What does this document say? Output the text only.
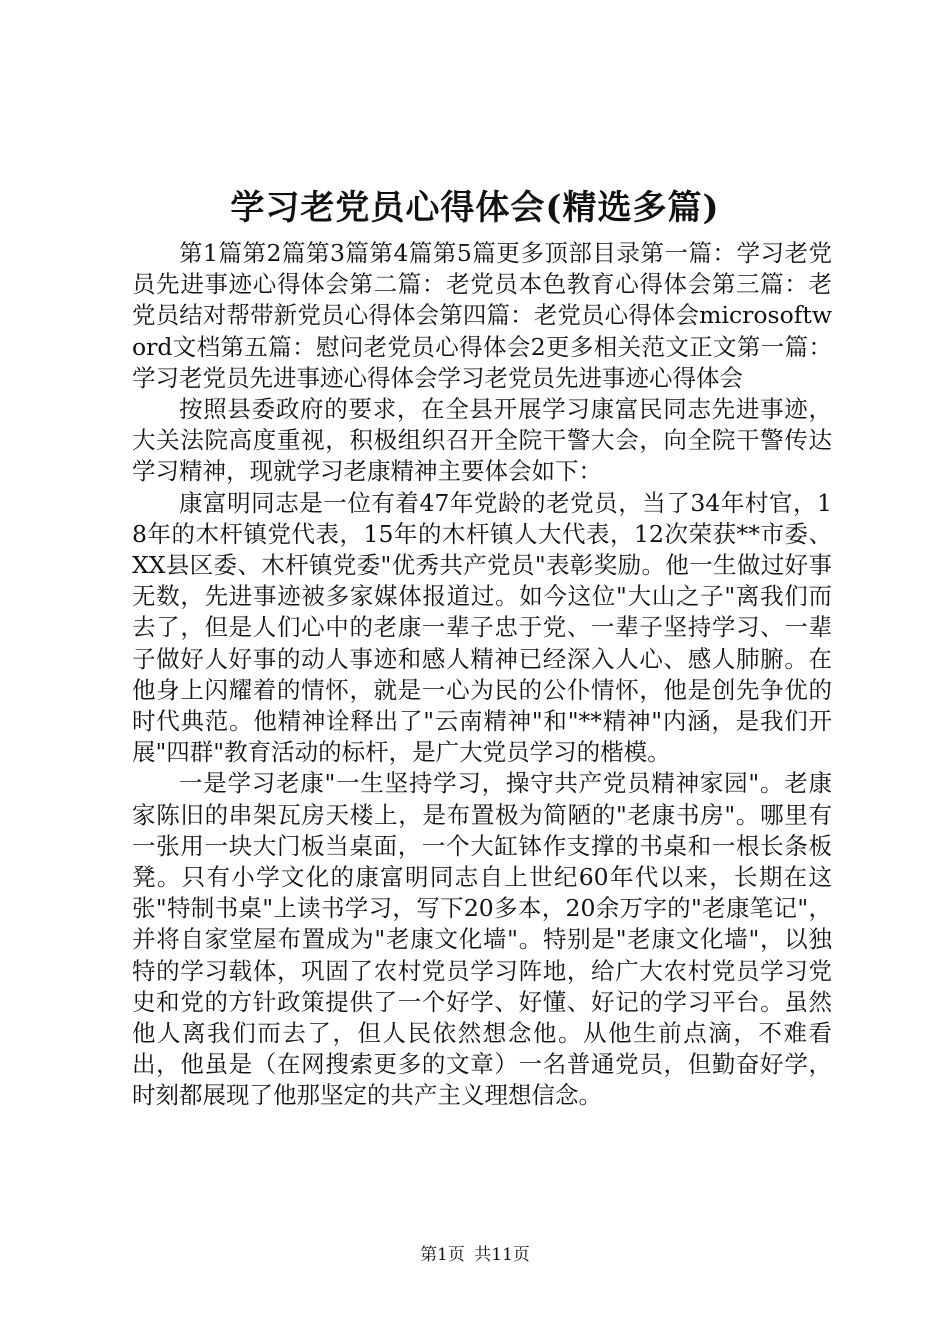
学习老党员心得体会(精选多篇)

第1篇第2篇第3篇第4篇第5篇更多顶部目录第一篇：学习老党员先进事迹心得体会第二篇：老党员本色教育心得体会第三篇：老党员结对帮带新党员心得体会第四篇：老党员心得体会microsoftword文档第五篇：慰问老党员心得体会2更多相关范文正文第一篇：学习老党员先进事迹心得体会学习老党员先进事迹心得体会

按照县委政府的要求，在全县开展学习康富民同志先进事迹，大关法院高度重视，积极组织召开全院干警大会，向全院干警传达学习精神，现就学习老康精神主要体会如下：

康富明同志是一位有着47年党龄的老党员，当了34年村官，18年的木杆镇党代表，15年的木杆镇人大代表，12次荣获**市委、XX县区委、木杆镇党委"优秀共产党员"表彰奖励。他一生做过好事无数，先进事迹被多家媒体报道过。如今这位"大山之子"离我们而去了，但是人们心中的老康一辈子忠于党、一辈子坚持学习、一辈子做好人好事的动人事迹和感人精神已经深入人心、感人肺腑。在他身上闪耀着的情怀，就是一心为民的公仆情怀，他是创先争优的时代典范。他精神诠释出了"云南精神"和"**精神"内涵，是我们开展"四群"教育活动的标杆，是广大党员学习的楷模。

一是学习老康"一生坚持学习，操守共产党员精神家园"。老康家陈旧的串架瓦房天楼上，是布置极为简陋的"老康书房"。哪里有一张用一块大门板当桌面，一个大缸钵作支撑的书桌和一根长条板凳。只有小学文化的康富明同志自上世纪60年代以来，长期在这张"特制书桌"上读书学习，写下20多本，20余万字的"老康笔记"，并将自家堂屋布置成为"老康文化墙"。特别是"老康文化墙"，以独特的学习载体，巩固了农村党员学习阵地，给广大农村党员学习党史和党的方针政策提供了一个好学、好懂、好记的学习平台。虽然他人离我们而去了，但人民依然想念他。从他生前点滴，不难看出，他虽是（在网搜索更多的文章）一名普通党员，但勤奋好学，时刻都展现了他那坚定的共产主义理想信念。

第1页 共11页
